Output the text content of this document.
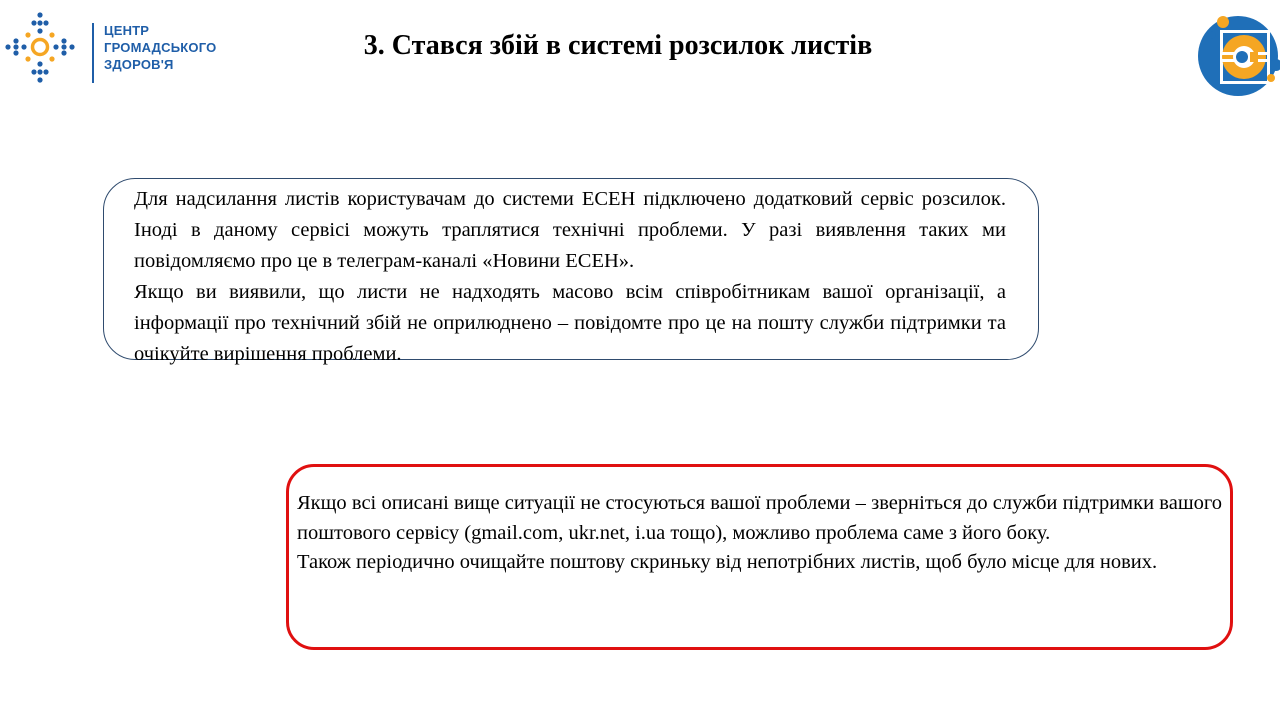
ЦЕНТР
ГРОМАДСЬКОГО
ЗДОРОВ'Я
3. Стався збій в системі розсилок листів

Для надсилання листів користувачам до системи ЕСЕН підключено додатковий сервіс розсилок. Іноді в даному сервісі можуть траплятися технічні проблеми. У разі виявлення таких ми повідомляємо про це в телеграм-каналі «Новини ЕСЕН».

Якщо ви виявили, що листи не надходять масово всім співробітникам вашої організації, а інформації про технічний збій не оприлюднено – повідомте про це на пошту служби підтримки та очікуйте вирішення проблеми.

Якщо всі описані вище ситуації не стосуються вашої проблеми – зверніться до служби підтримки вашого поштового сервісу (gmail.com, ukr.net, i.ua тощо), можливо проблема саме з його боку.

Також періодично очищайте поштову скриньку від непотрібних листів, щоб було місце для нових.
